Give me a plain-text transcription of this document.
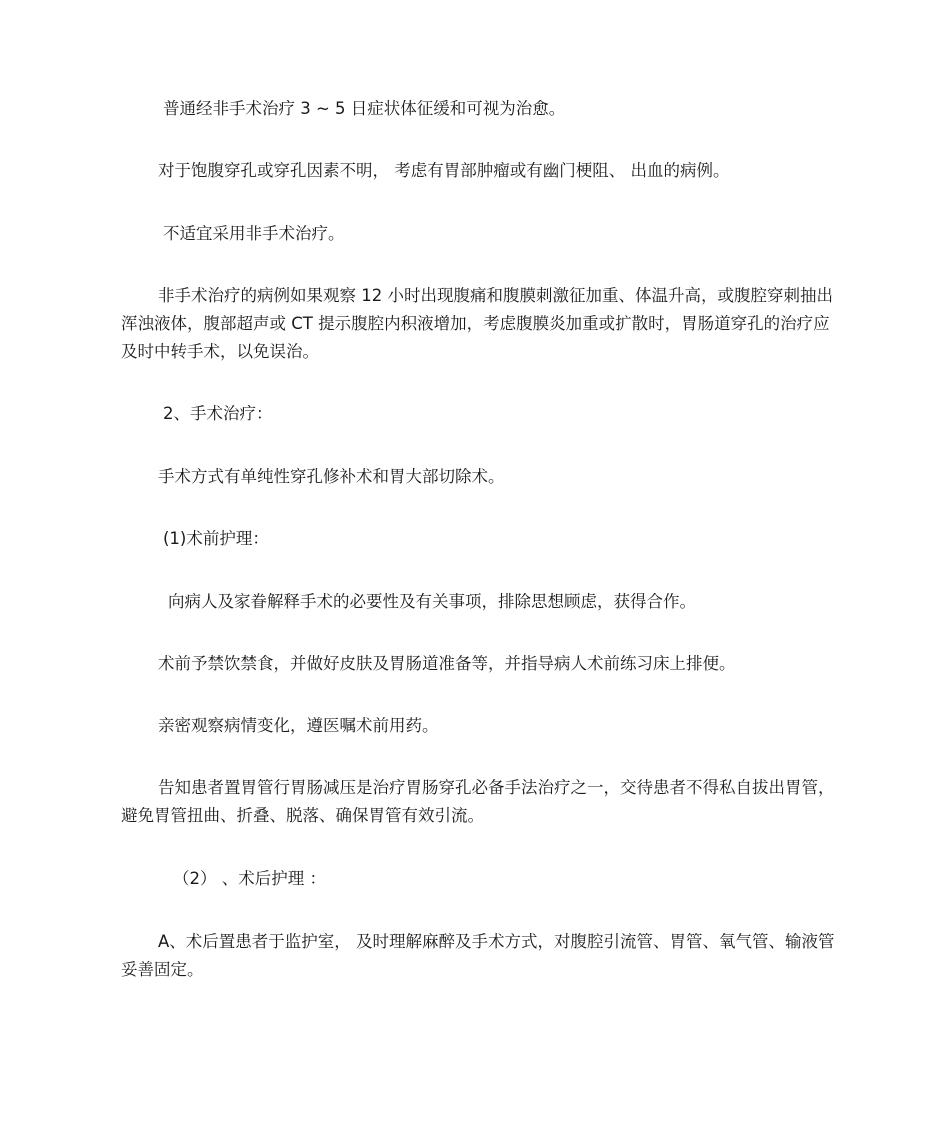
普通经非手术治疗 3 ~ 5 日症状体征缓和可视为治愈。

对于饱腹穿孔或穿孔因素不明， 考虑有胃部肿瘤或有幽门梗阻、 出血的病例。

不适宜采用非手术治疗。

非手术治疗的病例如果观察 12 小时出现腹痛和腹膜刺激征加重、体温升高，或腹腔穿刺抽出浑浊液体，腹部超声或 CT 提示腹腔内积液增加，考虑腹膜炎加重或扩散时，胃肠道穿孔的治疗应及时中转手术，以免误治。

2、手术治疗：

手术方式有单纯性穿孔修补术和胃大部切除术。

(1)术前护理：

向病人及家眷解释手术的必要性及有关事项，排除思想顾虑，获得合作。

术前予禁饮禁食，并做好皮肤及胃肠道准备等，并指导病人术前练习床上排便。

亲密观察病情变化，遵医嘱术前用药。

告知患者置胃管行胃肠减压是治疗胃肠穿孔必备手法治疗之一，交待患者不得私自拔出胃管，避免胃管扭曲、折叠、脱落、确保胃管有效引流。

（2） 、术后护理 ：

A、术后置患者于监护室， 及时理解麻醉及手术方式，对腹腔引流管、胃管、氧气管、输液管妥善固定。
